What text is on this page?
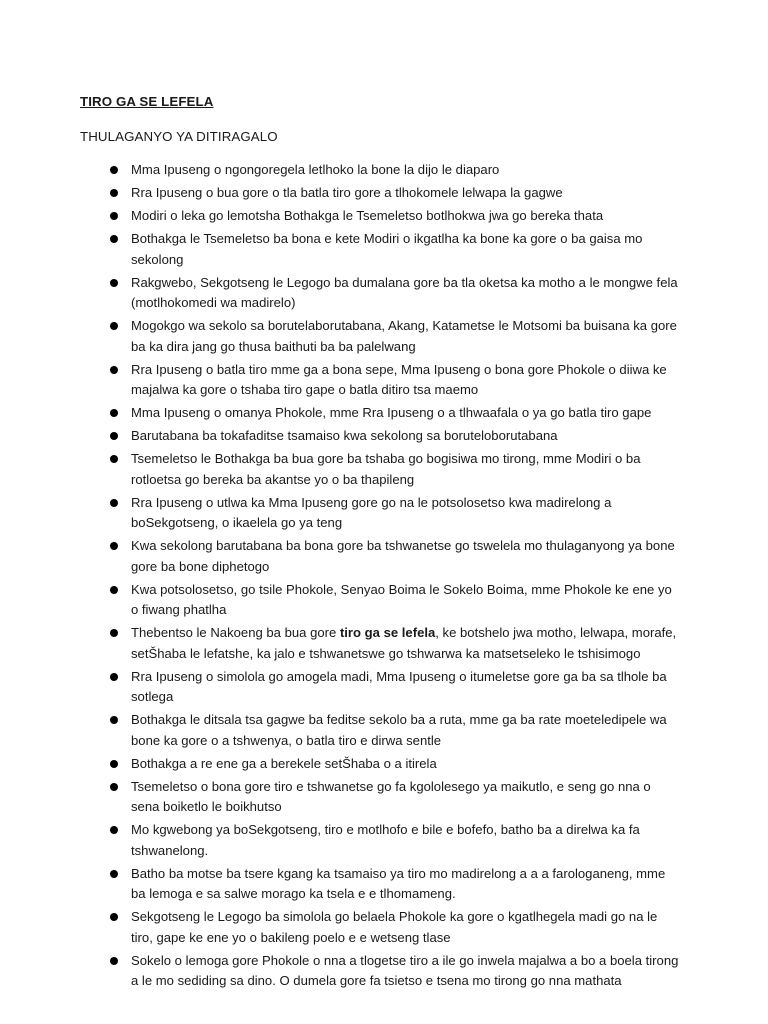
TIRO GA SE LEFELA

THULAGANYO YA DITIRAGALO

Mma Ipuseng o ngongoregela letlhoko la bone la dijo le diaparo
Rra Ipuseng o bua gore o tla batla tiro gore a tlhokomele lelwapa la gagwe
Modiri o leka go lemotsha Bothakga le Tsemeletso botlhokwa jwa go bereka thata
Bothakga le Tsemeletso ba bona e kete Modiri o ikgatlha ka bone ka gore o ba gaisa mo sekolong
Rakgwebo, Sekgotseng le Legogo ba dumalana gore ba tla oketsa ka motho a le mongwe fela (motlhokomedi wa madirelo)
Mogokgo wa sekolo sa borutelaborutabana, Akang, Katametse le Motsomi ba buisana ka gore ba ka dira jang go thusa baithuti ba ba palelwang
Rra Ipuseng o batla tiro mme ga a bona sepe, Mma Ipuseng o bona gore Phokole o diiwa ke majalwa ka gore o tshaba tiro gape o batla ditiro tsa maemo
Mma Ipuseng o omanya Phokole, mme Rra Ipuseng o a tlhwaafala o ya go batla tiro gape
Barutabana ba tokafaditse tsamaiso kwa sekolong sa boruteloborutabana
Tsemeletso le Bothakga ba bua gore ba tshaba go bogisiwa mo tirong, mme Modiri o ba rotloetsa go bereka ba akantse yo o ba thapileng
Rra Ipuseng o utlwa ka Mma Ipuseng gore go na le potsolosetso kwa madirelong a boSekgotseng, o ikaelela go ya teng
Kwa sekolong barutabana ba bona gore ba tshwanetse go tswelela mo thulaganyong ya bone gore ba bone diphetogo
Kwa potsolosetso, go tsile Phokole, Senyao Boima le Sokelo Boima, mme Phokole ke ene yo o fiwang phatlha
Thebentso le Nakoeng ba bua gore tiro ga se lefela, ke botshelo jwa motho, lelwapa, morafe, setŠhaba le lefatshe, ka jalo e tshwanetswe go tshwarwa ka matsetseleko le tshisimogo
Rra Ipuseng o simolola go amogela madi, Mma Ipuseng o itumeletse gore ga ba sa tlhole ba sotlega
Bothakga le ditsala tsa gagwe ba feditse sekolo ba a ruta, mme ga ba rate moeteledipele wa bone ka gore o a tshwenya, o batla tiro e dirwa sentle
Bothakga a re ene ga a berekele setŠhaba o a itirela
Tsemeletso o bona gore tiro e tshwanetse go fa kgololesego ya maikutlo, e seng go nna o sena boiketlo le boikhutso
Mo kgwebong ya boSekgotseng, tiro e motlhofo e bile e bofefo, batho ba a direlwa ka fa tshwanelong.
Batho ba motse ba tsere kgang ka tsamaiso ya tiro mo madirelong a a a farologaneng, mme ba lemoga e sa salwe morago ka tsela e e tlhomameng.
Sekgotseng le Legogo ba simolola go belaela Phokole ka gore o kgatlhegela madi go na le tiro, gape ke ene yo o bakileng poelo e e wetseng tlase
Sokelo o lemoga gore Phokole o nna a tlogetse tiro a ile go inwela majalwa a bo a boela tirong a le mo sediding sa dino. O dumela gore fa tsietso e tsena mo tirong go nna mathata
